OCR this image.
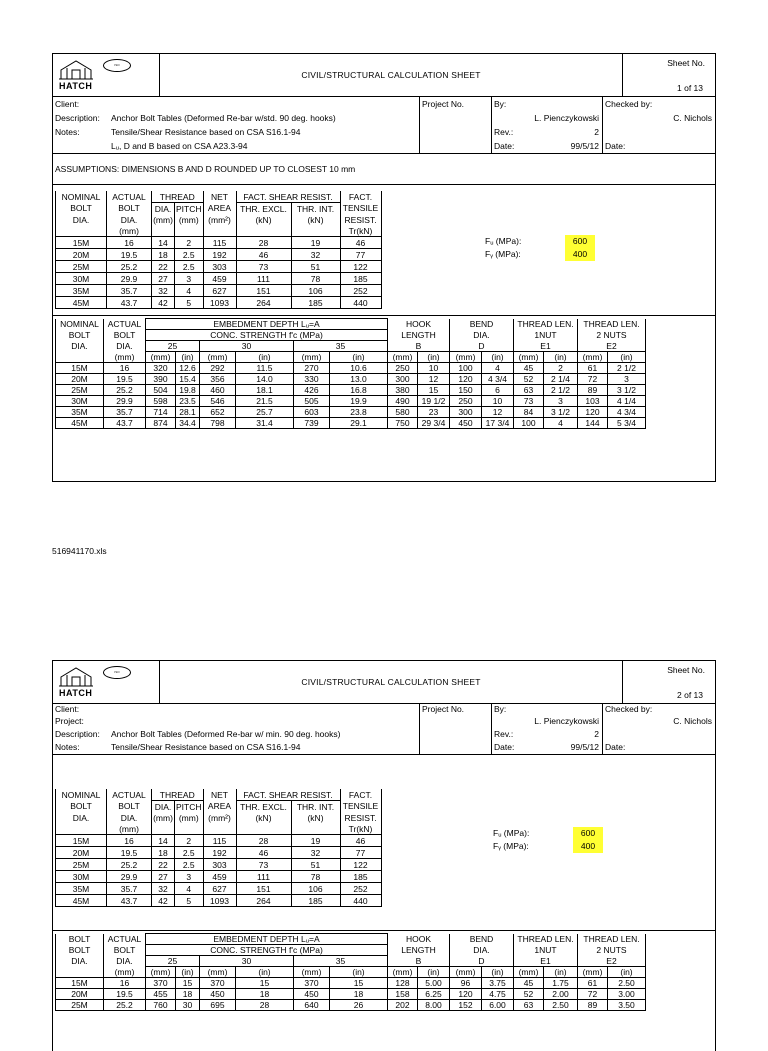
HATCH
ISO
CIVIL/STRUCTURAL CALCULATION SHEET
Sheet No.
1 of 13
Client:	Project No.	By:	Checked by:
Description: Anchor Bolt Tables (Deformed Re-bar w/std. 90 deg. hooks)	L. Pienczykowski	C. Nichols
Notes:	Tensile/Shear Resistance based on CSA S16.1-94	Rev.:	2
Lᵤ, D and B based on CSA A23.3-94	Date:	99/5/12 Date:
ASSUMPTIONS: DIMENSIONS B AND D ROUNDED UP TO CLOSEST 10 mm
NOMINAL	ACTUAL	THREAD		NET	FACT. SHEAR RESIST.		FACT.
BOLT	BOLT	DIA.	PITCH	AREA	THR. EXCL.	THR. INT.	TENSILE
DIA.	DIA.	(mm)	(mm)	(mm²)	(kN)	(kN)	RESIST.
	(mm)						Tr(kN)
15M	16	14	2	115	28	19	46
20M	19.5	18	2.5	192	46	32	77
25M	25.2	22	2.5	303	73	51	122
30M	29.9	27	3	459	111	78	185
35M	35.7	32	4	627	151	106	252
45M	43.7	42	5	1093	264	185	440
Fᵤ (MPa):	600
Fᵧ (MPa):	400
NOMINAL	ACTUAL	EMBEDMENT DEPTH Lᵤ=A						HOOK		BEND		THREAD LEN.		THREAD LEN.	
BOLT	BOLT	CONC. STRENGTH f'c (MPa)						LENGTH		DIA.		1NUT		2 NUTS	
DIA.	DIA.	25		30		35		B		D		E1		E2	
	(mm)	(mm)	(in)	(mm)	(in)	(mm)	(in)	(mm)	(in)	(mm)	(in)	(mm)	(in)	(mm)	(in)
15M	16	320	12.6	292	11.5	270	10.6	250	10	100	4	45	2	61	2 1/2
20M	19.5	390	15.4	356	14.0	330	13.0	300	12	120	4 3/4	52	2 1/4	72	3
25M	25.2	504	19.8	460	18.1	426	16.8	380	15	150	6	63	2 1/2	89	3 1/2
30M	29.9	598	23.5	546	21.5	505	19.9	490	19 1/2	250	10	73	3	103	4 1/4
35M	35.7	714	28.1	652	25.7	603	23.8	580	23	300	12	84	3 1/2	120	4 3/4
45M	43.7	874	34.4	798	31.4	739	29.1	750	29 3/4	450	17 3/4	100	4	144	5 3/4
516941170.xls
HATCH
ISO
CIVIL/STRUCTURAL CALCULATION SHEET
Sheet No.
2 of 13
Client:	Project No.	By:	Checked by:
Project:	L. Pienczykowski	C. Nichols
Description: Anchor Bolt Tables (Deformed Re-bar w/ min. 90 deg. hooks)	Rev.:	2
Notes:	Tensile/Shear Resistance based on CSA S16.1-94	Date:	99/5/12 Date:
NOMINAL	ACTUAL	THREAD		NET	FACT. SHEAR RESIST.		FACT.
BOLT	BOLT	DIA.	PITCH	AREA	THR. EXCL.	THR. INT.	TENSILE
DIA.	DIA.	(mm)	(mm)	(mm²)	(kN)	(kN)	RESIST.
	(mm)						Tr(kN)
15M	16	14	2	115	28	19	46
20M	19.5	18	2.5	192	46	32	77
25M	25.2	22	2.5	303	73	51	122
30M	29.9	27	3	459	111	78	185
35M	35.7	32	4	627	151	106	252
45M	43.7	42	5	1093	264	185	440
Fᵤ (MPa):	600
Fᵧ (MPa):	400
BOLT	ACTUAL	EMBEDMENT DEPTH Lᵤ=A						HOOK		BEND		THREAD LEN.		THREAD LEN.	
BOLT	BOLT	CONC. STRENGTH f'c (MPa)						LENGTH		DIA.		1NUT		2 NUTS	
DIA.	DIA.	25		30		35		B		D		E1		E2	
	(mm)	(mm)	(in)	(mm)	(in)	(mm)	(in)	(mm)	(in)	(mm)	(in)	(mm)	(in)	(mm)	(in)
15M	16	370	15	370	15	370	15	128	5.00	96	3.75	45	1.75	61	2.50
20M	19.5	455	18	450	18	450	18	158	6.25	120	4.75	52	2.00	72	3.00
25M	25.2	760	30	695	28	640	26	202	8.00	152	6.00	63	2.50	89	3.50
